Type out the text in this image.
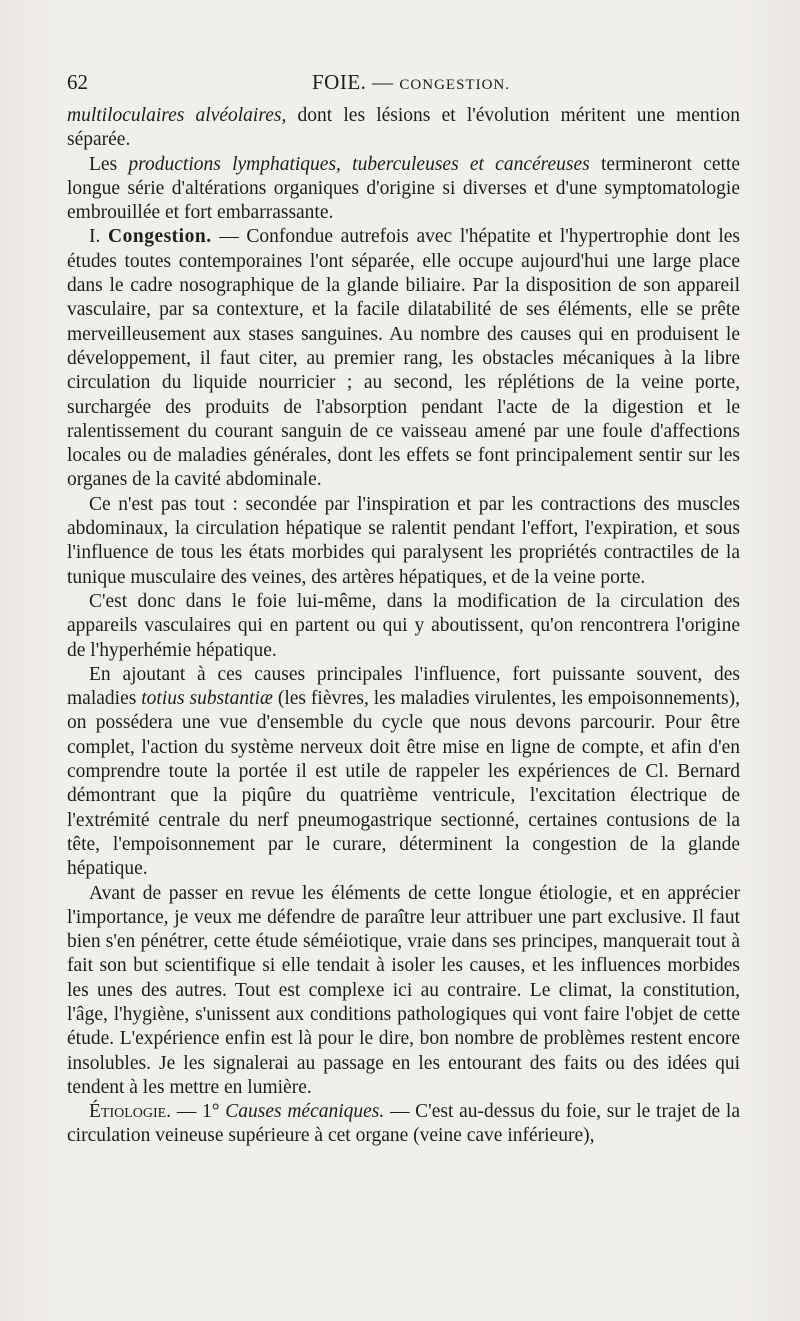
62	FOIE. — CONGESTION.

multiloculaires alvéolaires, dont les lésions et l'évolution méritent une mention séparée.

Les productions lymphatiques, tuberculeuses et cancéreuses termineront cette longue série d'altérations organiques d'origine si diverses et d'une symptomatologie embrouillée et fort embarrassante.

I. Congestion. — Confondue autrefois avec l'hépatite et l'hypertrophie dont les études toutes contemporaines l'ont séparée, elle occupe aujourd'hui une large place dans le cadre nosographique de la glande biliaire. Par la disposition de son appareil vasculaire, par sa contexture, et la facile dilatabilité de ses éléments, elle se prête merveilleusement aux stases sanguines. Au nombre des causes qui en produisent le développement, il faut citer, au premier rang, les obstacles mécaniques à la libre circulation du liquide nourricier ; au second, les réplétions de la veine porte, surchargée des produits de l'absorption pendant l'acte de la digestion et le ralentissement du courant sanguin de ce vaisseau amené par une foule d'affections locales ou de maladies générales, dont les effets se font principalement sentir sur les organes de la cavité abdominale.

Ce n'est pas tout : secondée par l'inspiration et par les contractions des muscles abdominaux, la circulation hépatique se ralentit pendant l'effort, l'expiration, et sous l'influence de tous les états morbides qui paralysent les propriétés contractiles de la tunique musculaire des veines, des artères hépatiques, et de la veine porte.

C'est donc dans le foie lui-même, dans la modification de la circulation des appareils vasculaires qui en partent ou qui y aboutissent, qu'on rencontrera l'origine de l'hyperhémie hépatique.

En ajoutant à ces causes principales l'influence, fort puissante souvent, des maladies totius substantiæ (les fièvres, les maladies virulentes, les empoisonnements), on possédera une vue d'ensemble du cycle que nous devons parcourir. Pour être complet, l'action du système nerveux doit être mise en ligne de compte, et afin d'en comprendre toute la portée il est utile de rappeler les expériences de Cl. Bernard démontrant que la piqûre du quatrième ventricule, l'excitation électrique de l'extrémité centrale du nerf pneumogastrique sectionné, certaines contusions de la tête, l'empoisonnement par le curare, déterminent la congestion de la glande hépatique.

Avant de passer en revue les éléments de cette longue étiologie, et en apprécier l'importance, je veux me défendre de paraître leur attribuer une part exclusive. Il faut bien s'en pénétrer, cette étude séméiotique, vraie dans ses principes, manquerait tout à fait son but scientifique si elle tendait à isoler les causes, et les influences morbides les unes des autres. Tout est complexe ici au contraire. Le climat, la constitution, l'âge, l'hygiène, s'unissent aux conditions pathologiques qui vont faire l'objet de cette étude. L'expérience enfin est là pour le dire, bon nombre de problèmes restent encore insolubles. Je les signalerai au passage en les entourant des faits ou des idées qui tendent à les mettre en lumière.

Étiologie. — 1° Causes mécaniques. — C'est au-dessus du foie, sur le trajet de la circulation veineuse supérieure à cet organe (veine cave inférieure),
